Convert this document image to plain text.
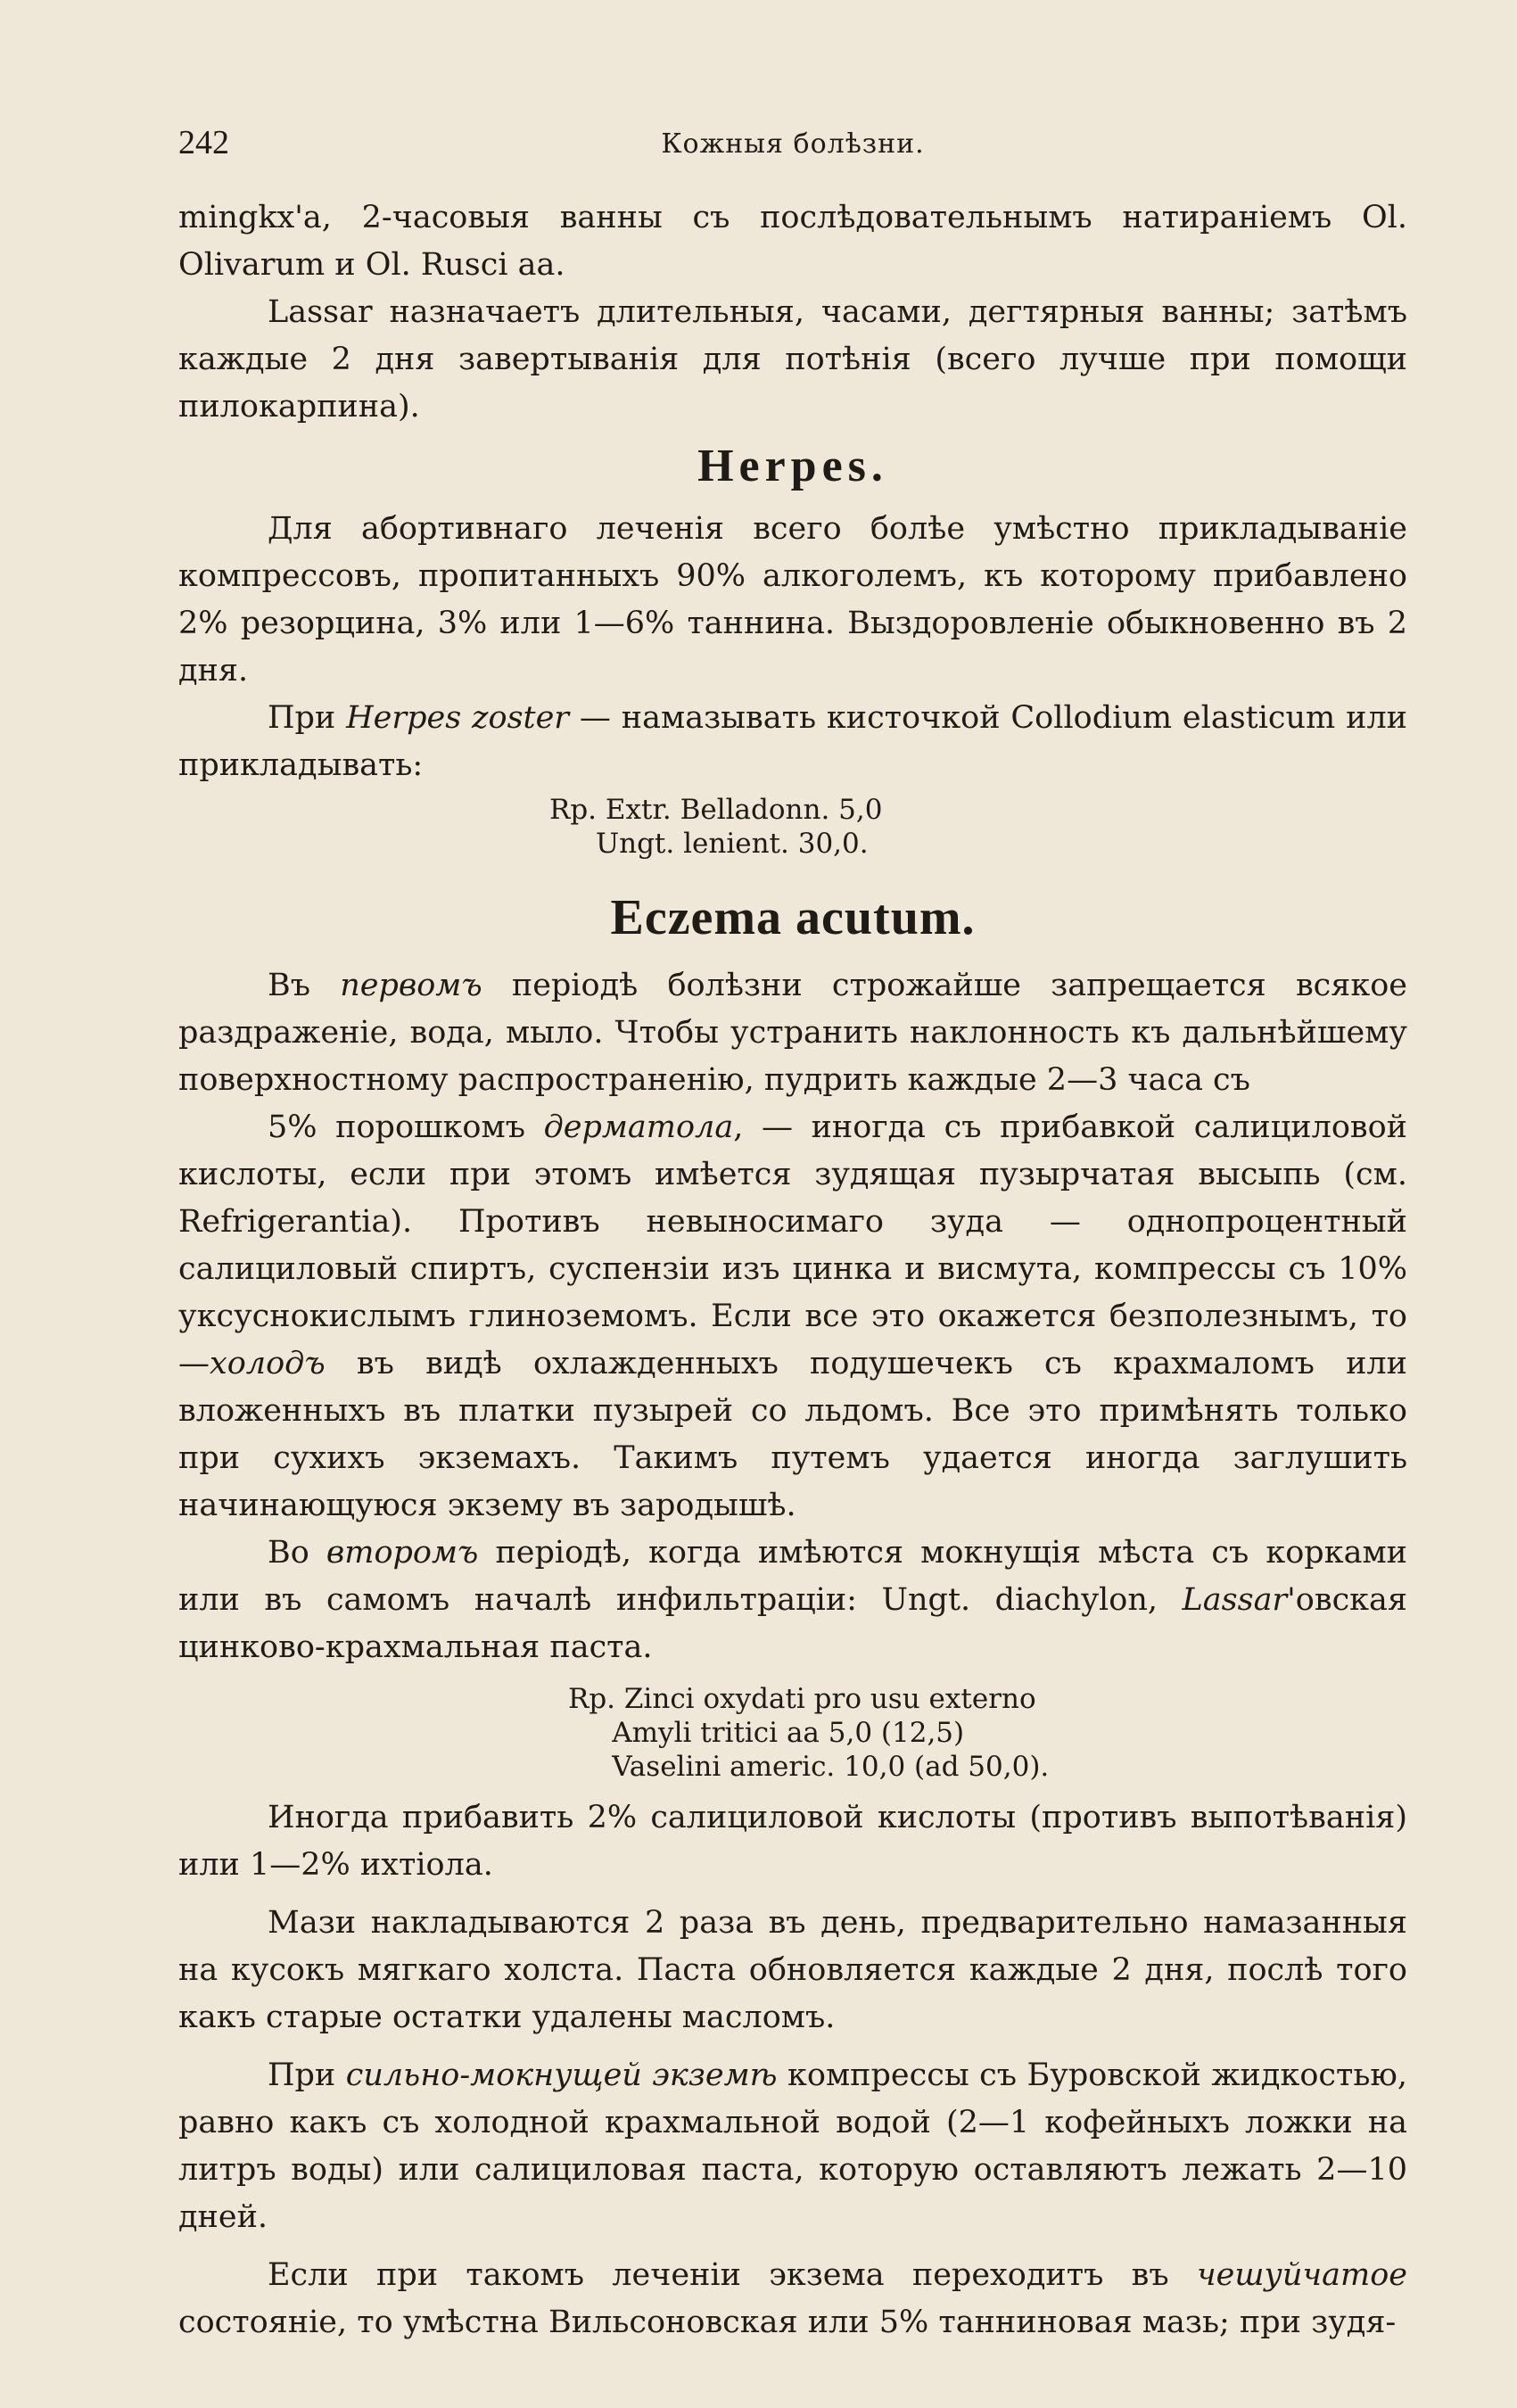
242	Кожныя болѣзни.

mingkx'a, 2-часовыя ванны съ послѣдовательнымъ натираніемъ Ol. Olivarum и Ol. Rusci aa.

Lassar назначаетъ длительныя, часами, дегтярныя ванны; затѣмъ каждые 2 дня завертыванія для потѣнія (всего лучше при помощи пилокарпина).

Herpes.

Для абортивнаго леченія всего болѣе умѣстно прикладываніе компрессовъ, пропитанныхъ 90% алкоголемъ, къ которому прибавлено 2% резорцина, 3% или 1—6% таннина. Выздоровленіе обыкновенно въ 2 дня.

При Herpes zoster — намазывать кисточкой Collodium elasticum или прикладывать:

Rp. Extr. Belladonn. 5,0
Ungt. lenient. 30,0.
Eczema acutum.

Въ первомъ періодѣ болѣзни строжайше запрещается всякое раздраженіе, вода, мыло. Чтобы устранить наклонность къ дальнѣйшему поверхностному распространенію, пудрить каждые 2—3 часа съ

5% порошкомъ дерматола, — иногда съ прибавкой салициловой кислоты, если при этомъ имѣется зудящая пузырчатая высыпь (см. Refrigerantia). Противъ невыносимаго зуда — однопроцентный салициловый спиртъ, суспензіи изъ цинка и висмута, компрессы съ 10% уксуснокислымъ глиноземомъ. Если все это окажется безполезнымъ, то—холодъ въ видѣ охлажденныхъ подушечекъ съ крахмаломъ или вложенныхъ въ платки пузырей со льдомъ. Все это примѣнять только при сухихъ экземахъ. Такимъ путемъ удается иногда заглушить начинающуюся экзему въ зародышѣ.

Во второмъ періодѣ, когда имѣются мокнущія мѣста съ корками или въ самомъ началѣ инфильтраціи: Ungt. diachylon, Lassar'овская цинково-крахмальная паста.

Rp. Zinci oxydati pro usu externo
Amyli tritici aa 5,0 (12,5)
Vaselini americ. 10,0 (ad 50,0).

Иногда прибавить 2% салициловой кислоты (противъ выпотѣванія) или 1—2% ихтіола.

Мази накладываются 2 раза въ день, предварительно намазанныя на кусокъ мягкаго холста. Паста обновляется каждые 2 дня, послѣ того какъ старые остатки удалены масломъ.

При сильно-мокнущей экземѣ компрессы съ Буровской жидкостью, равно какъ съ холодной крахмальной водой (2—1 кофейныхъ ложки на литръ воды) или салициловая паста, которую оставляютъ лежать 2—10 дней.

Если при такомъ леченіи экзема переходитъ въ чешуйчатое состояніе, то умѣстна Вильсоновская или 5% танниновая мазь; при зудя-
